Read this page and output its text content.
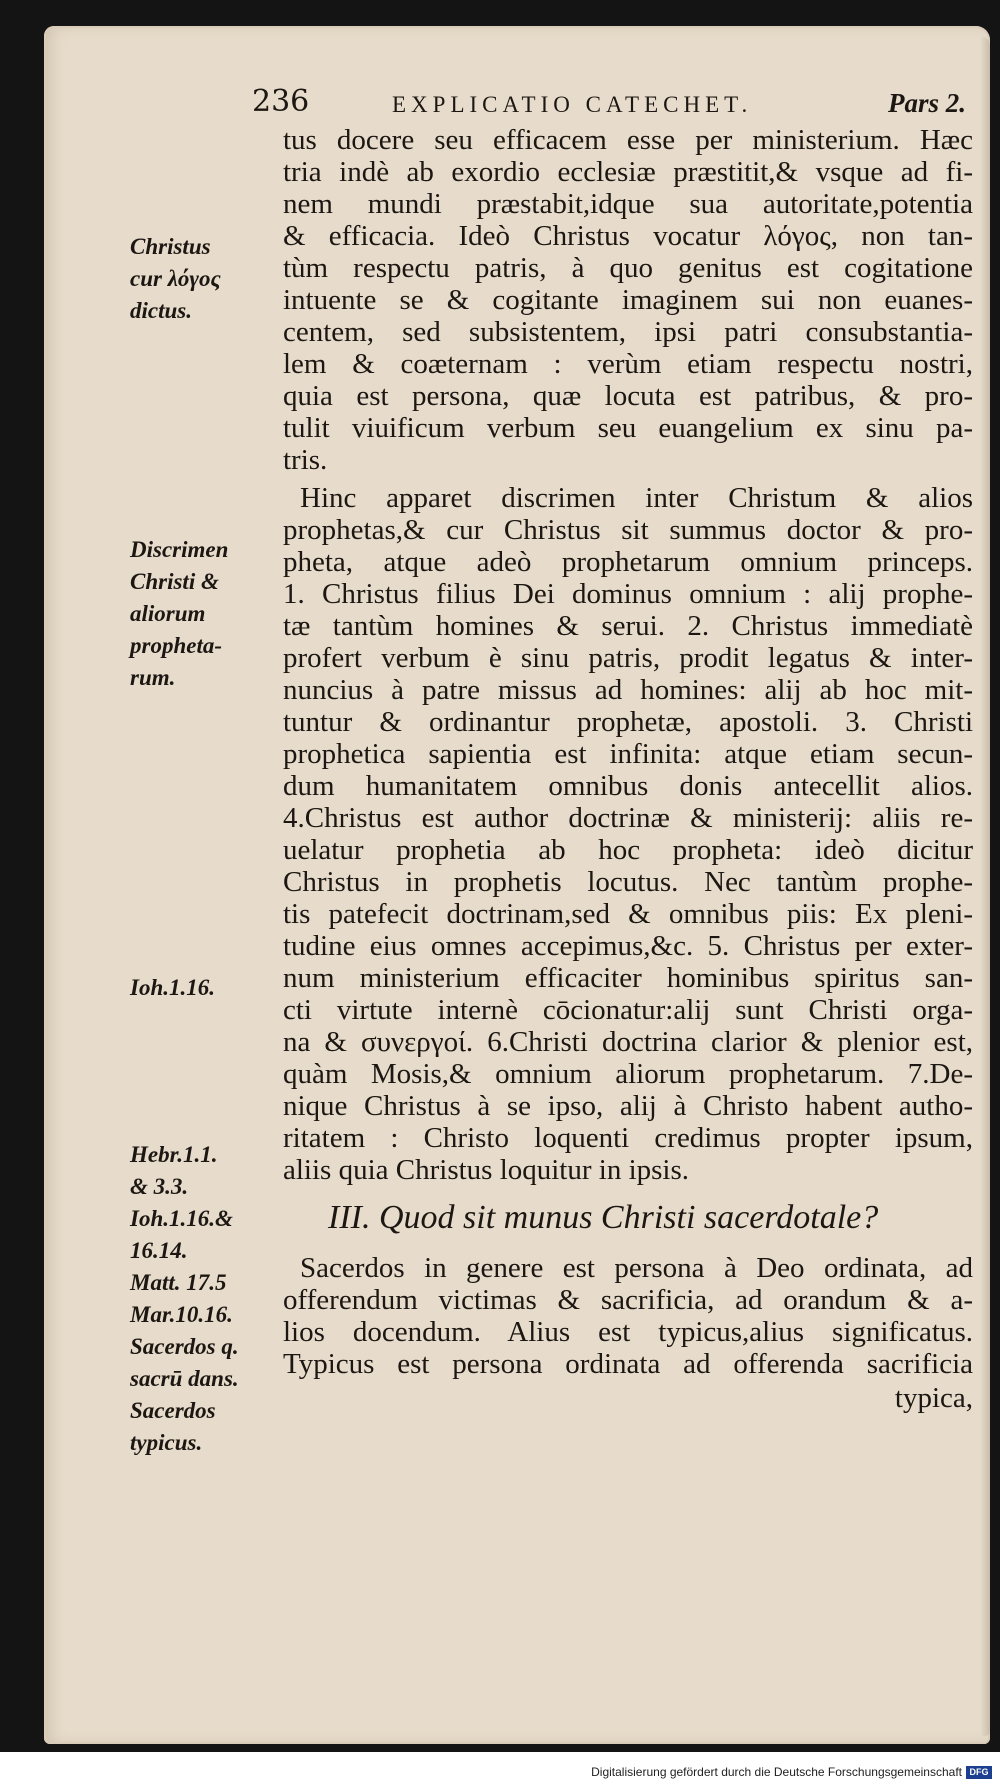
236	EXPLICATIO CATECHET.	Pars 2.
tus docere seu efficacem esse per ministerium. Hæc
tria indè ab exordio ecclesiæ præstitit,& vsque ad fi-
nem mundi præstabit,idque sua autoritate,potentia
& efficacia. Ideò Christus vocatur λόγος, non tan-
tùm respectu patris, à quo genitus est cogitatione
intuente se & cogitante imaginem sui non euanes-
centem, sed subsistentem, ipsi patri consubstantia-
lem & coæternam : verùm etiam respectu nostri,
quia est persona, quæ locuta est patribus, & pro-
tulit viuificum verbum seu euangelium ex sinu pa-
tris.
Hinc apparet discrimen inter Christum & alios
prophetas,& cur Christus sit summus doctor & pro-
pheta, atque adeò prophetarum omnium princeps.
1. Christus filius Dei dominus omnium : alij prophe-
tæ tantùm homines & serui. 2. Christus immediatè
profert verbum è sinu patris, prodit legatus & inter-
nuncius à patre missus ad homines: alij ab hoc mit-
tuntur & ordinantur prophetæ, apostoli. 3. Christi
prophetica sapientia est infinita: atque etiam secun-
dum humanitatem omnibus donis antecellit alios.
4.Christus est author doctrinæ & ministerij: aliis re-
uelatur prophetia ab hoc propheta: ideò dicitur
Christus in prophetis locutus. Nec tantùm prophe-
tis patefecit doctrinam,sed & omnibus piis: Ex pleni-
tudine eius omnes accepimus,&c. 5. Christus per exter-
num ministerium efficaciter hominibus spiritus san-
cti virtute internè cōcionatur:alij sunt Christi orga-
na & συνεργοί. 6.Christi doctrina clarior & plenior est,
quàm Mosis,& omnium aliorum prophetarum. 7.De-
nique Christus à se ipso, alij à Christo habent autho-
ritatem : Christo loquenti credimus propter ipsum,
aliis quia Christus loquitur in ipsis.
III. Quod sit munus Christi sacerdotale?
Sacerdos in genere est persona à Deo ordinata, ad
offerendum victimas & sacrificia, ad orandum & a-
lios docendum. Alius est typicus,alius significatus.
Typicus est persona ordinata ad offerenda sacrificia
typica,
Christus
cur λόγος
dictus.
Discrimen
Christi &
aliorum
propheta-
rum.
Ioh.1.16.
Hebr.1.1.
& 3.3.
Ioh.1.16.&
16.14.
Matt. 17.5
Mar.10.16.
Sacerdos q.
sacrū dans.
Sacerdos
typicus.
Digitalisierung gefördert durch die Deutsche Forschungsgemeinschaft DFG
